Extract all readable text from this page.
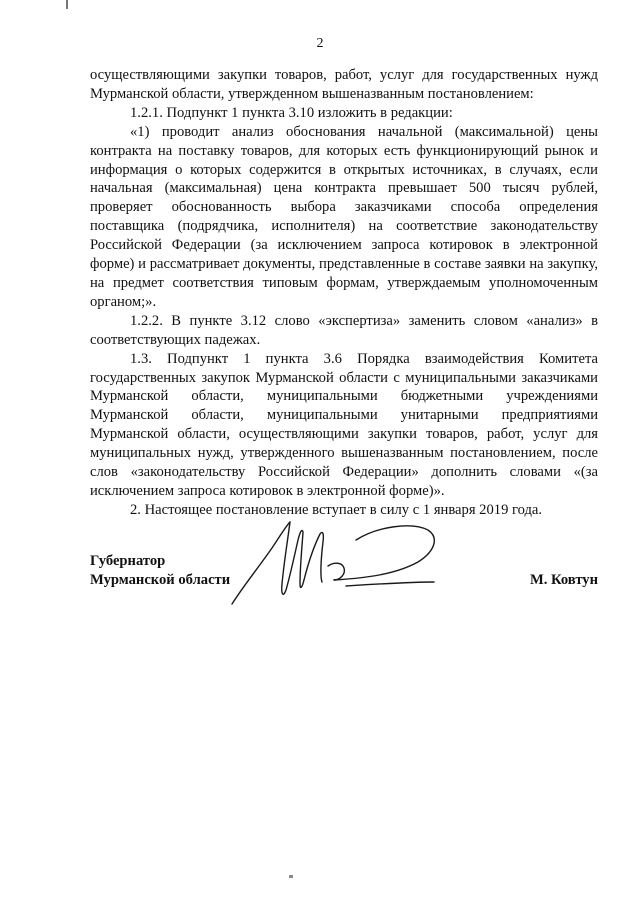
2

осуществляющими закупки товаров, работ, услуг для государственных нужд Мурманской области, утвержденном вышеназванным постановлением:

1.2.1. Подпункт 1 пункта 3.10 изложить в редакции:

«1) проводит анализ обоснования начальной (максимальной) цены контракта на поставку товаров, для которых есть функционирующий рынок и информация о которых содержится в открытых источниках, в случаях, если начальная (максимальная) цена контракта превышает 500 тысяч рублей, проверяет обоснованность выбора заказчиками способа определения поставщика (подрядчика, исполнителя) на соответствие законодательству Российской Федерации (за исключением запроса котировок в электронной форме) и рассматривает документы, представленные в составе заявки на закупку, на предмет соответствия типовым формам, утверждаемым уполномоченным органом;».

1.2.2. В пункте 3.12 слово «экспертиза» заменить словом «анализ» в соответствующих падежах.

1.3. Подпункт 1 пункта 3.6 Порядка взаимодействия Комитета государственных закупок Мурманской области с муниципальными заказчиками Мурманской области, муниципальными бюджетными учреждениями Мурманской области, муниципальными унитарными предприятиями Мурманской области, осуществляющими закупки товаров, работ, услуг для муниципальных нужд, утвержденного вышеназванным постановлением, после слов «законодательству Российской Федерации» дополнить словами «(за исключением запроса котировок в электронной форме)».

2. Настоящее постановление вступает в силу с 1 января 2019 года.

Губернатор
Мурманской области	М. Ковтун
